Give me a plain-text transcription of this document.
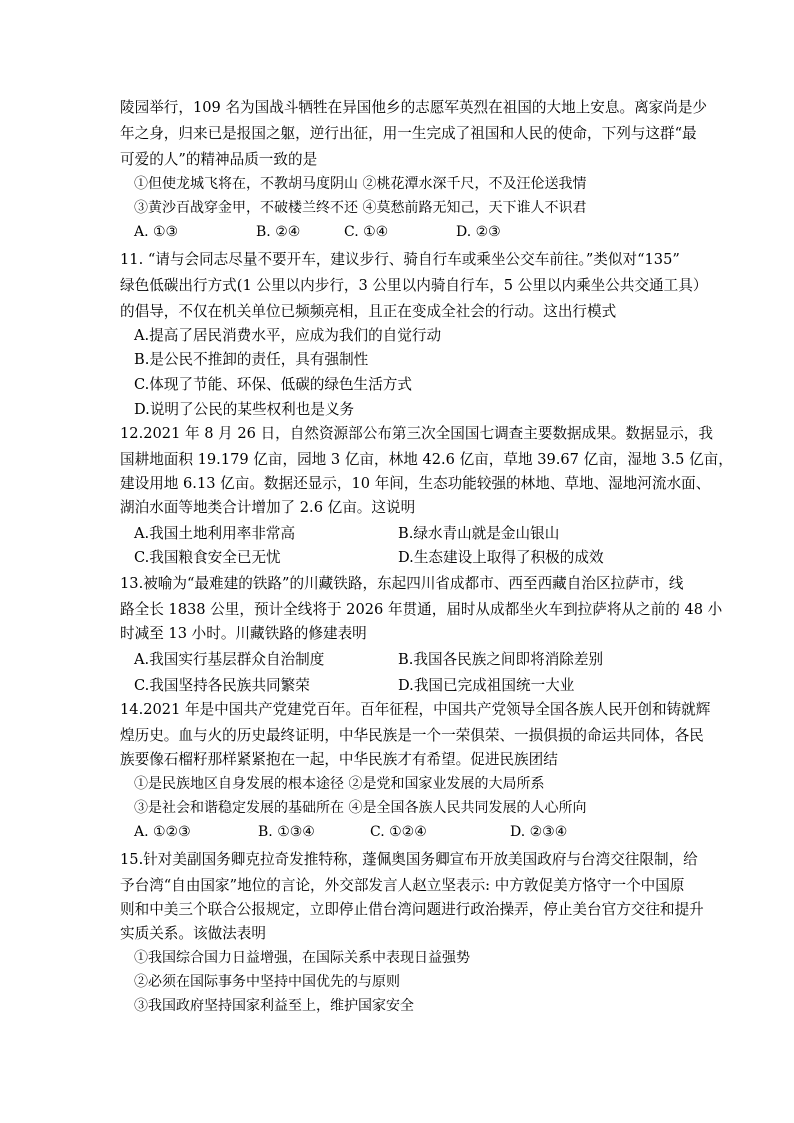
陵园举行，109 名为国战斗牺牲在异国他乡的志愿军英烈在祖国的大地上安息。离家尚是少
年之身，归来已是报国之躯，逆行出征，用一生完成了祖国和人民的使命，下列与这群“最
可爱的人”的精神品质一致的是
①但使龙城飞将在，不教胡马度阴山 ②桃花潭水深千尺，不及汪伦送我情
③黄沙百战穿金甲，不破楼兰终不还 ④莫愁前路无知己，天下谁人不识君
A. ①③	B. ②④	C. ①④	D. ②③
11. “请与会同志尽量不要开车，建议步行、骑自行车或乘坐公交车前往。”类似对“135”
绿色低碳出行方式(1 公里以内步行，3 公里以内骑自行车，5 公里以内乘坐公共交通工具）
的倡导，不仅在机关单位已频频亮相，且正在变成全社会的行动。这出行模式
A.提高了居民消费水平，应成为我们的自觉行动
B.是公民不推卸的责任，具有强制性
C.体现了节能、环保、低碳的绿色生活方式
D.说明了公民的某些权利也是义务
12.2021 年 8 月 26 日，自然资源部公布第三次全国国七调查主要数据成果。数据显示，我
国耕地面积 19.179 亿亩，园地 3 亿亩，林地 42.6 亿亩，草地 39.67 亿亩，湿地 3.5 亿亩，
建设用地 6.13 亿亩。数据还显示，10 年间，生态功能较强的林地、草地、湿地河流水面、
湖泊水面等地类合计增加了 2.6 亿亩。这说明
A.我国土地利用率非常高	B.绿水青山就是金山银山
C.我国粮食安全已无忧	D.生态建设上取得了积极的成效
13.被喻为“最难建的铁路”的川藏铁路，东起四川省成都市、西至西藏自治区拉萨市，线
路全长 1838 公里，预计全线将于 2026 年贯通，届时从成都坐火车到拉萨将从之前的 48 小
时减至 13 小时。川藏铁路的修建表明
A.我国实行基层群众自治制度	B.我国各民族之间即将消除差别
C.我国坚持各民族共同繁荣	D.我国已完成祖国统一大业
14.2021 年是中国共产党建党百年。百年征程，中国共产党领导全国各族人民开创和铸就辉
煌历史。血与火的历史最终证明，中华民族是一个一荣俱荣、一损俱损的命运共同体，各民
族要像石榴籽那样紧紧抱在一起，中华民族才有希望。促进民族团结
①是民族地区自身发展的根本途径 ②是党和国家业发展的大局所系
③是社会和谐稳定发展的基础所在 ④是全国各族人民共同发展的人心所向
A. ①②③	B. ①③④	C. ①②④	D. ②③④
15.针对美副国务卿克拉奇发推特称，蓬佩奥国务卿宣布开放美国政府与台湾交往限制，给
予台湾“自由国家”地位的言论，外交部发言人赵立坚表示: 中方敦促美方恪守一个中国原
则和中美三个联合公报规定，立即停止借台湾问题进行政治操弄，停止美台官方交往和提升
实质关系。该做法表明
①我国综合国力日益增强，在国际关系中表现日益强势
②必须在国际事务中坚持中国优先的与原则
③我国政府坚持国家利益至上，维护国家安全
